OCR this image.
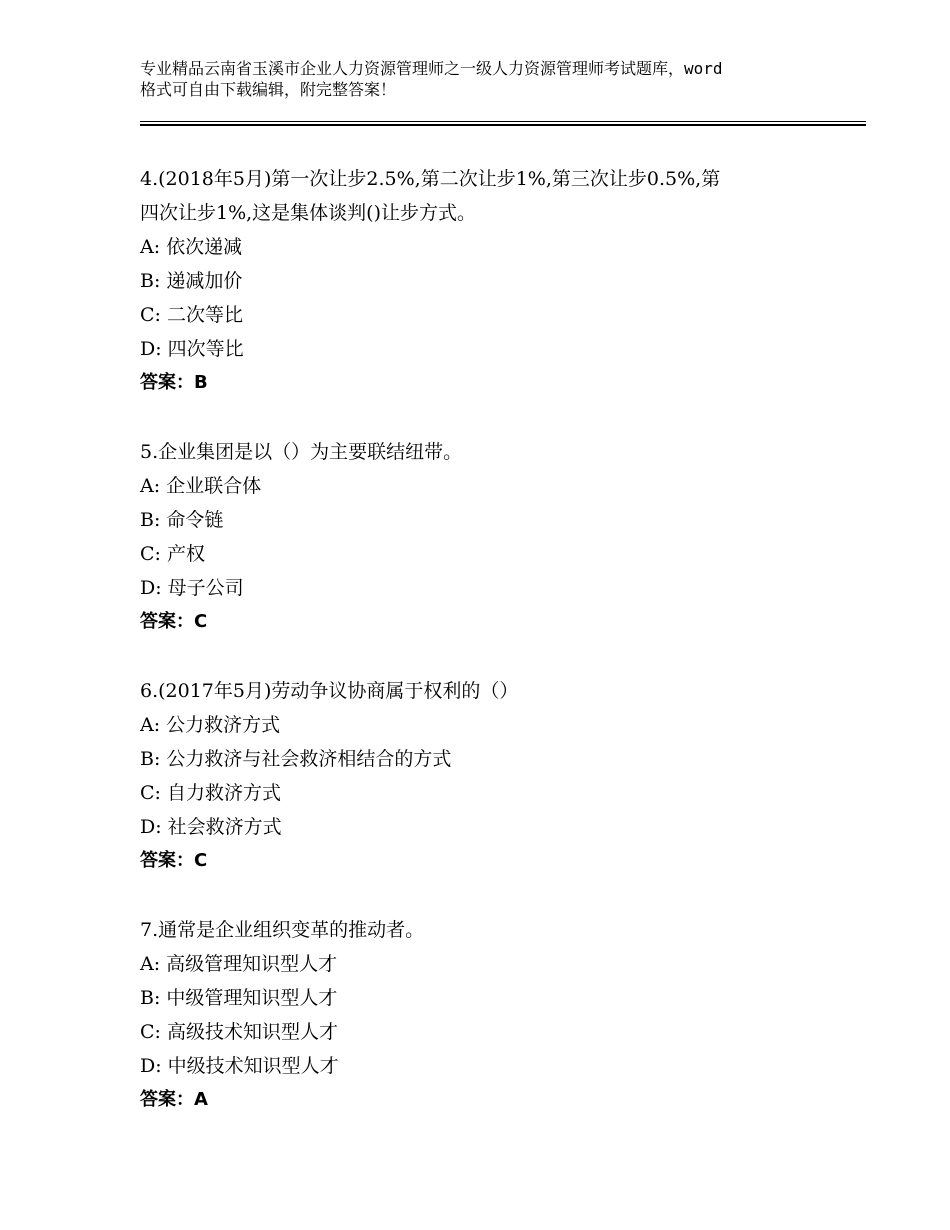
专业精品云南省玉溪市企业人力资源管理师之一级人力资源管理师考试题库，word
格式可自由下载编辑，附完整答案！

4.(2018年5月)第一次让步2.5%,第二次让步1%,第三次让步0.5%,第

四次让步1%,这是集体谈判()让步方式。

A: 依次递减

B: 递减加价

C: 二次等比

D: 四次等比

答案：B

5.企业集团是以（）为主要联结纽带。

A: 企业联合体

B: 命令链

C: 产权

D: 母子公司

答案：C

6.(2017年5月)劳动争议协商属于权利的（）

A: 公力救济方式

B: 公力救济与社会救济相结合的方式

C: 自力救济方式

D: 社会救济方式

答案：C

7.通常是企业组织变革的推动者。

A: 高级管理知识型人才

B: 中级管理知识型人才

C: 高级技术知识型人才

D: 中级技术知识型人才

答案：A
